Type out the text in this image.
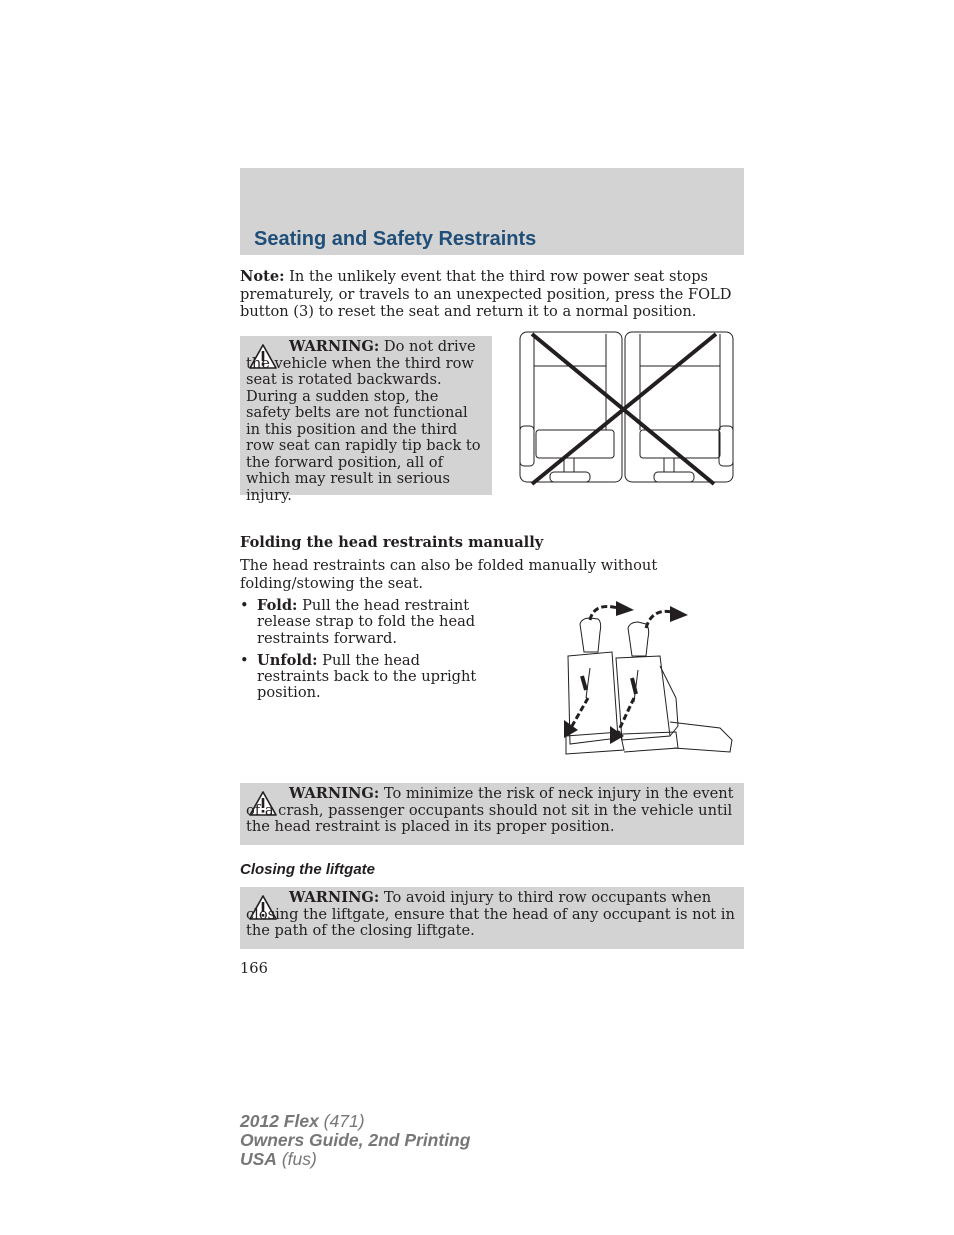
Seating and Safety Restraints
Note: In the unlikely event that the third row power seat stops prematurely, or travels to an unexpected position, press the FOLD button (3) to reset the seat and return it to a normal position.
WARNING: Do not drive the vehicle when the third row seat is rotated backwards. During a sudden stop, the safety belts are not functional in this position and the third row seat can rapidly tip back to the forward position, all of which may result in serious injury.
Folding the head restraints manually
The head restraints can also be folded manually without folding/stowing the seat.
• Fold: Pull the head restraint release strap to fold the head restraints forward.
• Unfold: Pull the head restraints back to the upright position.
WARNING: To minimize the risk of neck injury in the event of a crash, passenger occupants should not sit in the vehicle until the head restraint is placed in its proper position.
Closing the liftgate
WARNING: To avoid injury to third row occupants when closing the liftgate, ensure that the head of any occupant is not in the path of the closing liftgate.
166
2012 Flex (471)
Owners Guide, 2nd Printing
USA (fus)
